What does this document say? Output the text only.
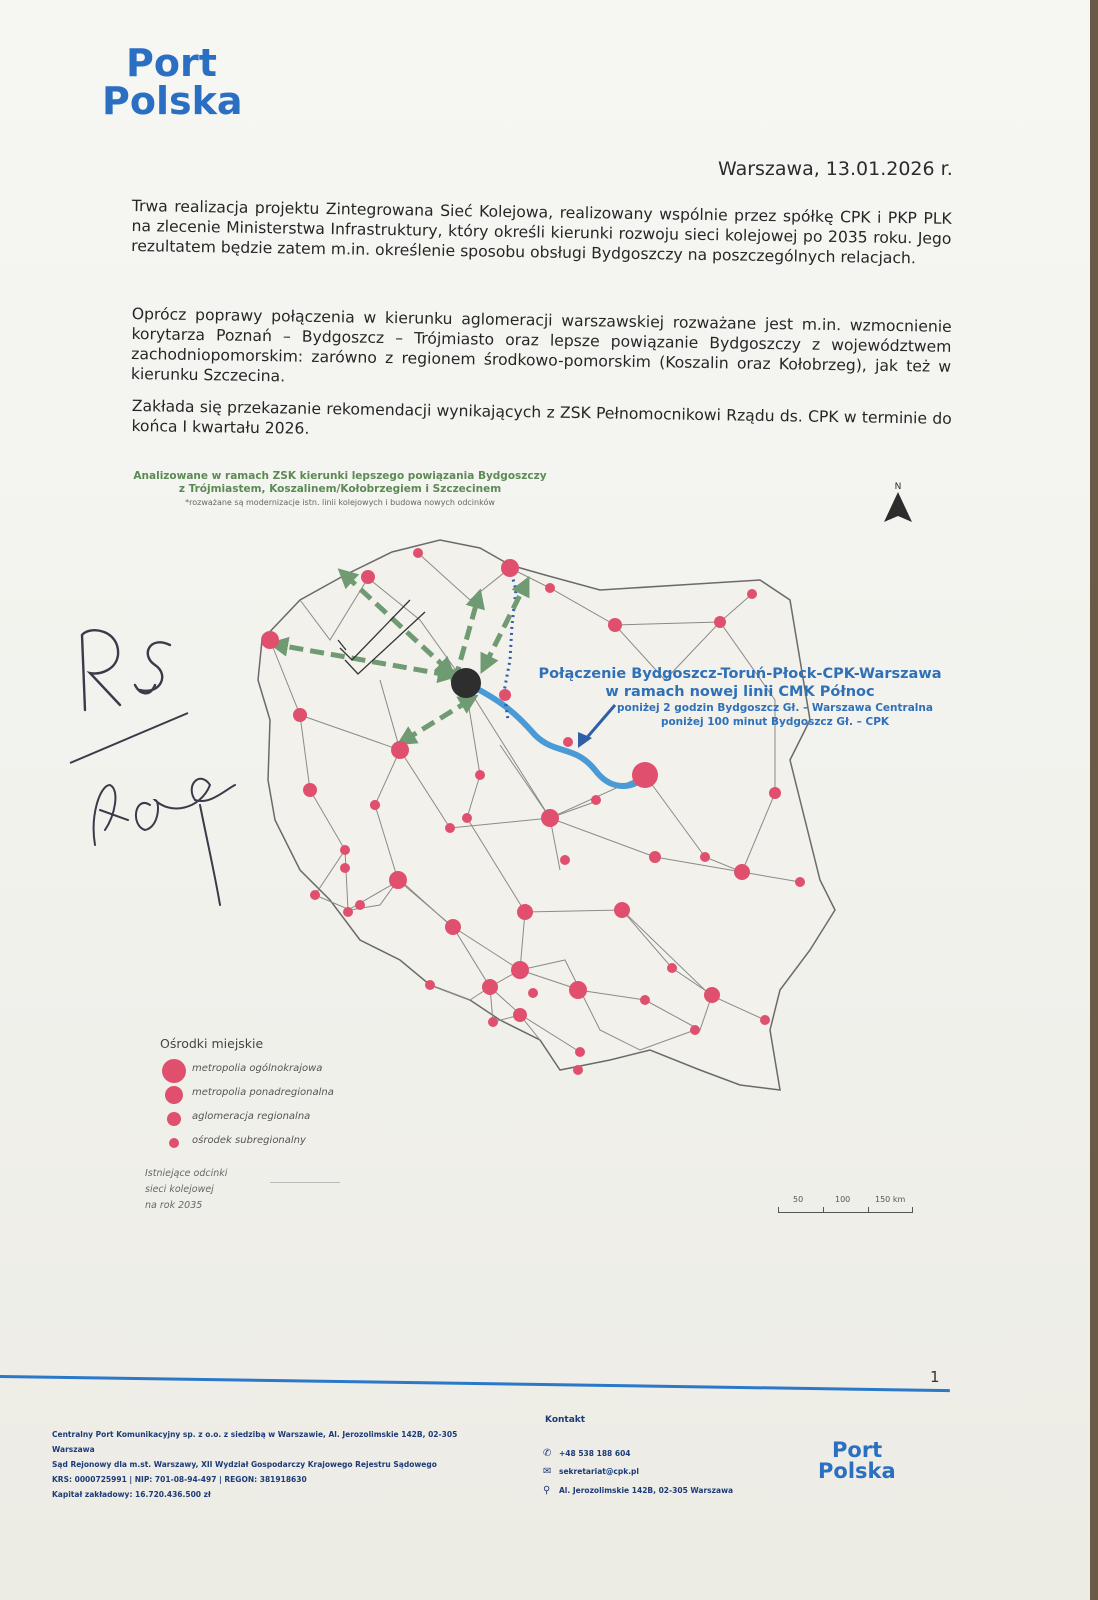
Port
Polska
Warszawa, 13.01.2026 r.

Trwa realizacja projektu Zintegrowana Sieć Kolejowa, realizowany wspólnie przez spółkę CPK i PKP PLK na zlecenie Ministerstwa Infrastruktury, który określi kierunki rozwoju sieci kolejowej po 2035 roku. Jego rezultatem będzie zatem m.in. określenie sposobu obsługi Bydgoszczy na poszczególnych relacjach.

Oprócz poprawy połączenia w kierunku aglomeracji warszawskiej rozważane jest m.in. wzmocnienie korytarza Poznań – Bydgoszcz – Trójmiasto oraz lepsze powiązanie Bydgoszczy z województwem zachodniopomorskim: zarówno z regionem środkowo-pomorskim (Koszalin oraz Kołobrzeg), jak też w kierunku Szczecina.

Zakłada się przekazanie rekomendacji wynikających z ZSK Pełnomocnikowi Rządu ds. CPK w terminie do końca I kwartału 2026.

Analizowane w ramach ZSK kierunki lepszego powiązania Bydgoszczy
z Trójmiastem, Koszalinem/Kołobrzegiem i Szczecinem
*rozważane są modernizacje istn. linii kolejowych i budowa nowych odcinków
N
Połączenie Bydgoszcz-Toruń-Płock-CPK-Warszawa
w ramach nowej linii CMK Północ
poniżej 2 godzin Bydgoszcz Gł. – Warszawa Centralna
poniżej 100 minut Bydgoszcz Gł. – CPK
Ośrodki miejskie
metropolia ogólnokrajowa
metropolia ponadregionalna
aglomeracja regionalna
ośrodek subregionalny
Istniejące odcinki
sieci kolejowej
na rok 2035
50	100	150 km
1
Centralny Port Komunikacyjny sp. z o.o. z siedzibą w Warszawie, Al. Jerozolimskie 142B, 02-305 Warszawa
Sąd Rejonowy dla m.st. Warszawy, XII Wydział Gospodarczy Krajowego Rejestru Sądowego
KRS: 0000725991 | NIP: 701-08-94-497 | REGON: 381918630
Kapitał zakładowy: 16.720.436.500 zł
Kontakt
✆ +48 538 188 604
✉ sekretariat@cpk.pl
⚲ Al. Jerozolimskie 142B, 02-305 Warszawa
Port
Polska
